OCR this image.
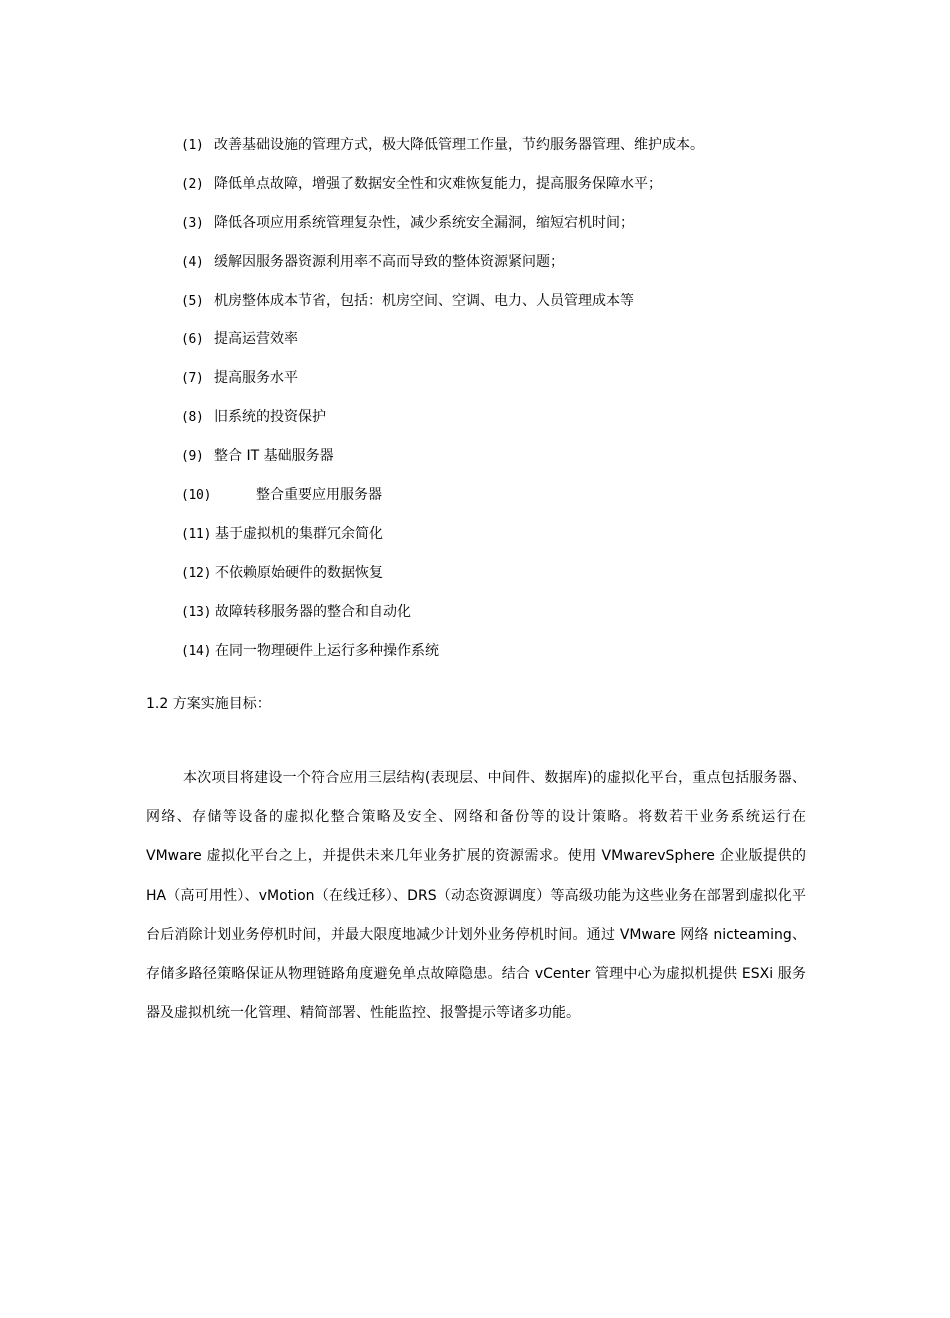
(1) 改善基础设施的管理方式，极大降低管理工作量，节约服务器管理、维护成本。
(2) 降低单点故障，增强了数据安全性和灾难恢复能力，提高服务保障水平；
(3) 降低各项应用系统管理复杂性，减少系统安全漏洞，缩短宕机时间；
(4) 缓解因服务器资源利用率不高而导致的整体资源紧问题；
(5) 机房整体成本节省，包括：机房空间、空调、电力、人员管理成本等
(6) 提高运营效率
(7) 提高服务水平
(8) 旧系统的投资保护
(9) 整合 IT 基础服务器
(10)	整合重要应用服务器
(11) 基于虚拟机的集群冗余简化
(12) 不依赖原始硬件的数据恢复
(13) 故障转移服务器的整合和自动化
(14) 在同一物理硬件上运行多种操作系统
1.2 方案实施目标：

本次项目将建设一个符合应用三层结构(表现层、中间件、数据库)的虚拟化平台，重点包括服务器、网络、存储等设备的虚拟化整合策略及安全、网络和备份等的设计策略。将数若干业务系统运行在 VMware 虚拟化平台之上，并提供未来几年业务扩展的资源需求。使用 VMwarevSphere 企业版提供的 HA（高可用性）、vMotion（在线迁移）、DRS（动态资源调度）等高级功能为这些业务在部署到虚拟化平台后消除计划业务停机时间，并最大限度地减少计划外业务停机时间。通过 VMware 网络 nicteaming、存储多路径策略保证从物理链路角度避免单点故障隐患。结合 vCenter 管理中心为虚拟机提供 ESXi 服务器及虚拟机统一化管理、精简部署、性能监控、报警提示等诸多功能。
